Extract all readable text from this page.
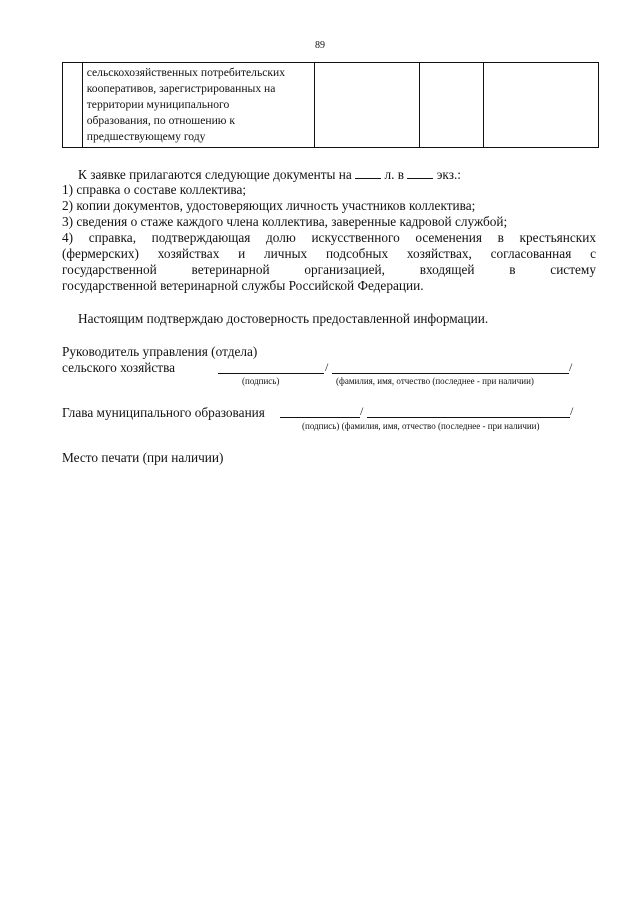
89

сельскохозяйственных потребительских
кооперативов, зарегистрированных на
территории муниципального
образования, по отношению к
предшествующему году

К заявке прилагаются следующие документы на л. в экз.:
1) справка о составе коллектива;
2) копии документов, удостоверяющих личность участников коллектива;
3) сведения о стаже каждого члена коллектива, заверенные кадровой службой;
4) справка, подтверждающая долю искусственного осеменения в крестьянских
(фермерских) хозяйствах и личных подсобных хозяйствах, согласованная с
государственной ветеринарной организацией, входящей в систему
государственной ветеринарной службы Российской Федерации.
Настоящим подтверждаю достоверность предоставленной информации.
Руководитель управления (отдела)
сельского хозяйства	/	/
(подпись)	(фамилия, имя, отчество (последнее - при наличии)
Глава муниципального образования	/	/
(подпись) (фамилия, имя, отчество (последнее - при наличии)
Место печати (при наличии)
